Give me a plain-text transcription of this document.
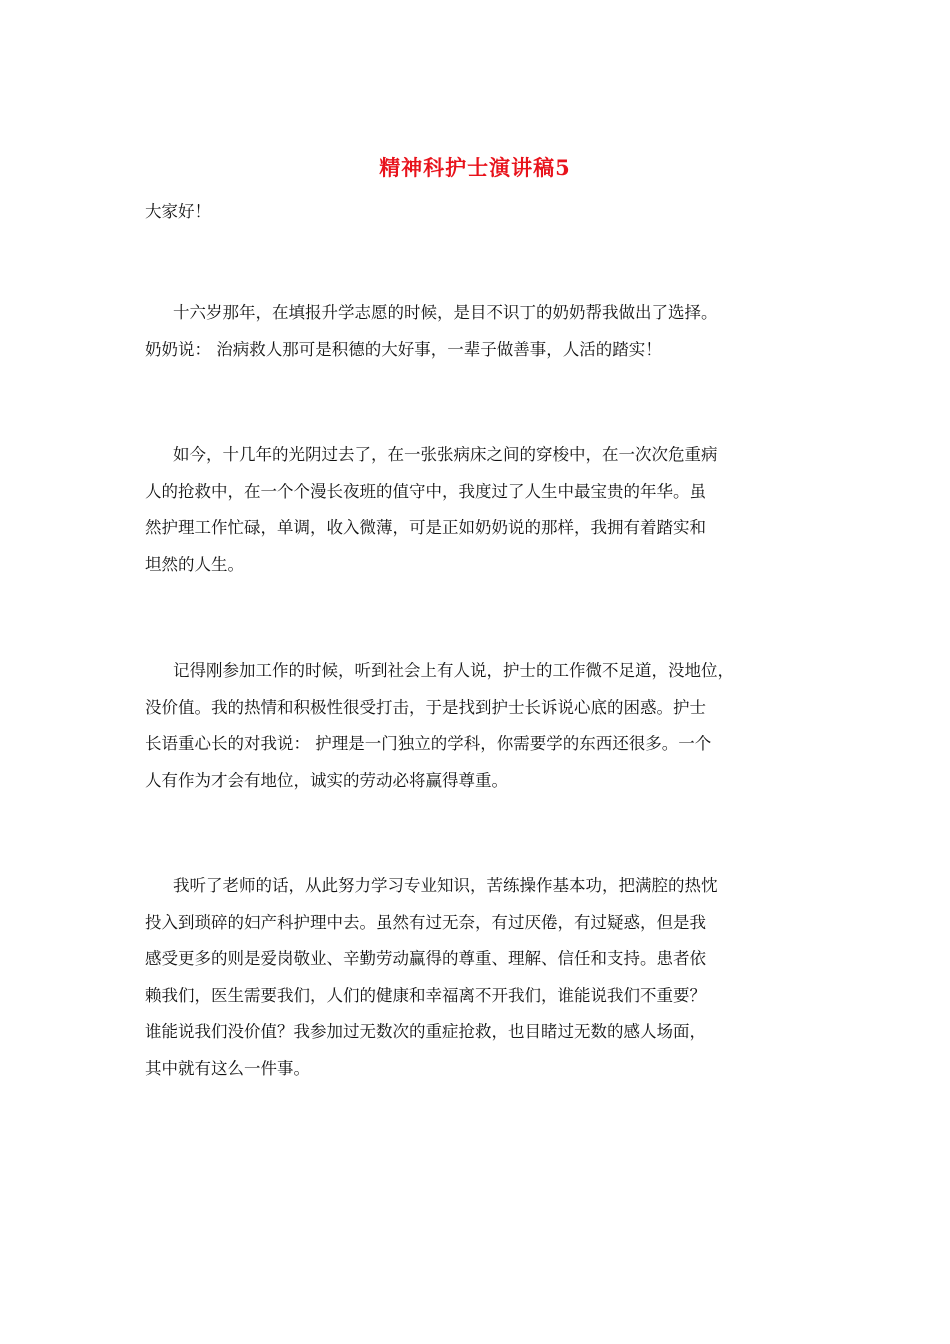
精神科护士演讲稿5

大家好！

十六岁那年，在填报升学志愿的时候，是目不识丁的奶奶帮我做出了选择。
奶奶说： 治病救人那可是积德的大好事，一辈子做善事，人活的踏实！
如今，十几年的光阴过去了，在一张张病床之间的穿梭中，在一次次危重病
人的抢救中，在一个个漫长夜班的值守中，我度过了人生中最宝贵的年华。虽
然护理工作忙碌，单调，收入微薄，可是正如奶奶说的那样，我拥有着踏实和
坦然的人生。
记得刚参加工作的时候，听到社会上有人说，护士的工作微不足道，没地位，
没价值。我的热情和积极性很受打击，于是找到护士长诉说心底的困惑。护士
长语重心长的对我说： 护理是一门独立的学科，你需要学的东西还很多。一个
人有作为才会有地位，诚实的劳动必将赢得尊重。
我听了老师的话，从此努力学习专业知识，苦练操作基本功，把满腔的热忱
投入到琐碎的妇产科护理中去。虽然有过无奈，有过厌倦，有过疑惑，但是我
感受更多的则是爱岗敬业、辛勤劳动赢得的尊重、理解、信任和支持。患者依
赖我们，医生需要我们，人们的健康和幸福离不开我们，谁能说我们不重要？
谁能说我们没价值？我参加过无数次的重症抢救，也目睹过无数的感人场面，
其中就有这么一件事。
